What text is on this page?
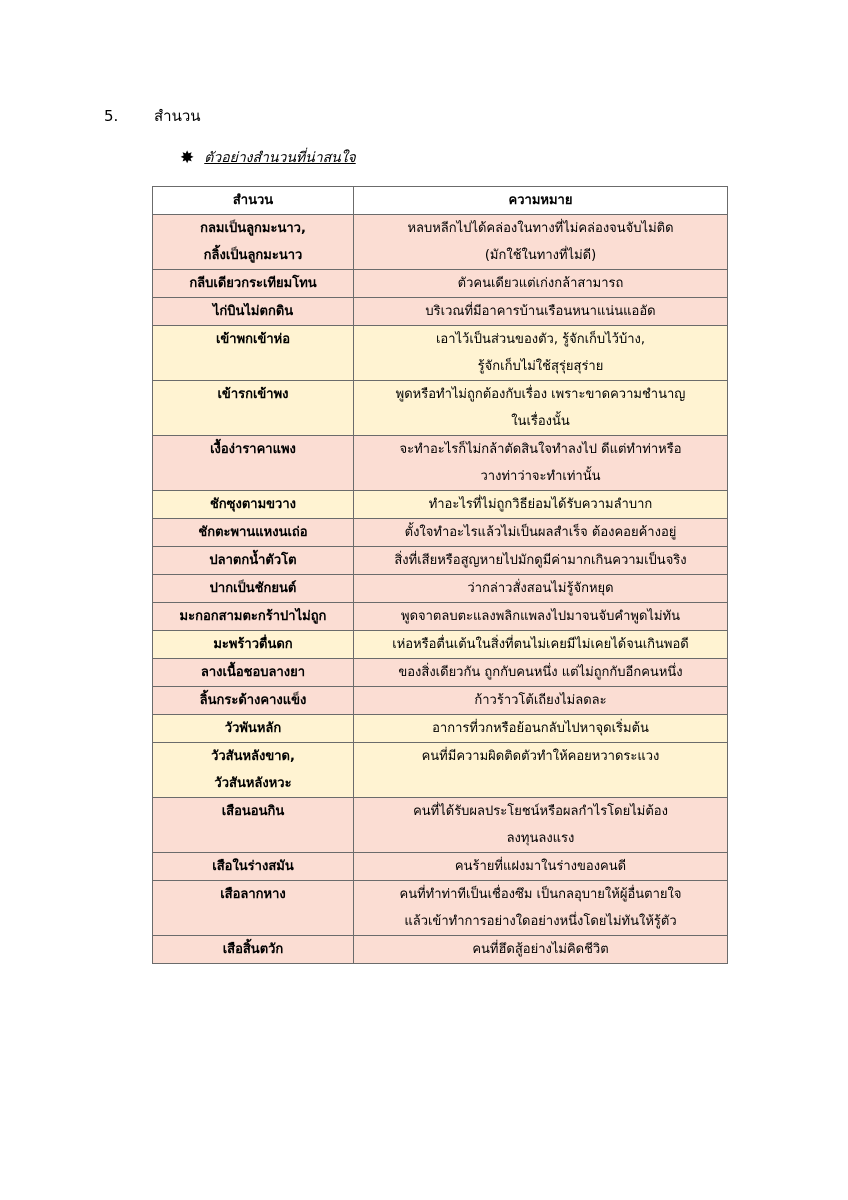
5.	สำนวน
✸ ตัวอย่างสำนวนที่น่าสนใจ
สำนวน	ความหมาย
กลมเป็นลูกมะนาว,
กลิ้งเป็นลูกมะนาว	หลบหลีกไปได้คล่องในทางที่ไม่คล่องจนจับไม่ติด
(มักใช้ในทางที่ไม่ดี)
กลีบเดียวกระเทียมโทน	ตัวคนเดียวแต่เก่งกล้าสามารถ
ไก่บินไม่ตกดิน	บริเวณที่มีอาคารบ้านเรือนหนาแน่นแออัด
เข้าพกเข้าห่อ	เอาไว้เป็นส่วนของตัว, รู้จักเก็บไว้บ้าง,
รู้จักเก็บไม่ใช้สุรุ่ยสุร่าย
เข้ารกเข้าพง	พูดหรือทำไม่ถูกต้องกับเรื่อง เพราะขาดความชำนาญ
ในเรื่องนั้น
เงื้อง่าราคาแพง	จะทำอะไรก็ไม่กล้าตัดสินใจทำลงไป ดีแต่ทำท่าหรือ
วางท่าว่าจะทำเท่านั้น
ชักซุงตามขวาง	ทำอะไรที่ไม่ถูกวิธีย่อมได้รับความลำบาก
ชักตะพานแหงนเถ่อ	ตั้งใจทำอะไรแล้วไม่เป็นผลสำเร็จ ต้องคอยค้างอยู่
ปลาตกน้ำตัวโต	สิ่งที่เสียหรือสูญหายไปมักดูมีค่ามากเกินความเป็นจริง
ปากเป็นชักยนต์	ว่ากล่าวสั่งสอนไม่รู้จักหยุด
มะกอกสามตะกร้าปาไม่ถูก	พูดจาตลบตะแลงพลิกแพลงไปมาจนจับคำพูดไม่ทัน
มะพร้าวตื่นดก	เห่อหรือตื่นเต้นในสิ่งที่ตนไม่เคยมีไม่เคยได้จนเกินพอดี
ลางเนื้อชอบลางยา	ของสิ่งเดียวกัน ถูกกับคนหนึ่ง แต่ไม่ถูกกับอีกคนหนึ่ง
ลิ้นกระด้างคางแข็ง	ก้าวร้าวโต้เถียงไม่ลดละ
วัวพันหลัก	อาการที่วกหรือย้อนกลับไปหาจุดเริ่มต้น
วัวสันหลังขาด,
วัวสันหลังหวะ	คนที่มีความผิดติดตัวทำให้คอยหวาดระแวง
เสือนอนกิน	คนที่ได้รับผลประโยชน์หรือผลกำไรโดยไม่ต้อง
ลงทุนลงแรง
เสือในร่างสมัน	คนร้ายที่แฝงมาในร่างของคนดี
เสือลากหาง	คนที่ทำท่าทีเป็นเชื่องซึม เป็นกลอุบายให้ผู้อื่นตายใจ
แล้วเข้าทำการอย่างใดอย่างหนึ่งโดยไม่ทันให้รู้ตัว
เสือสิ้นตวัก	คนที่ฮึดสู้อย่างไม่คิดชีวิต
